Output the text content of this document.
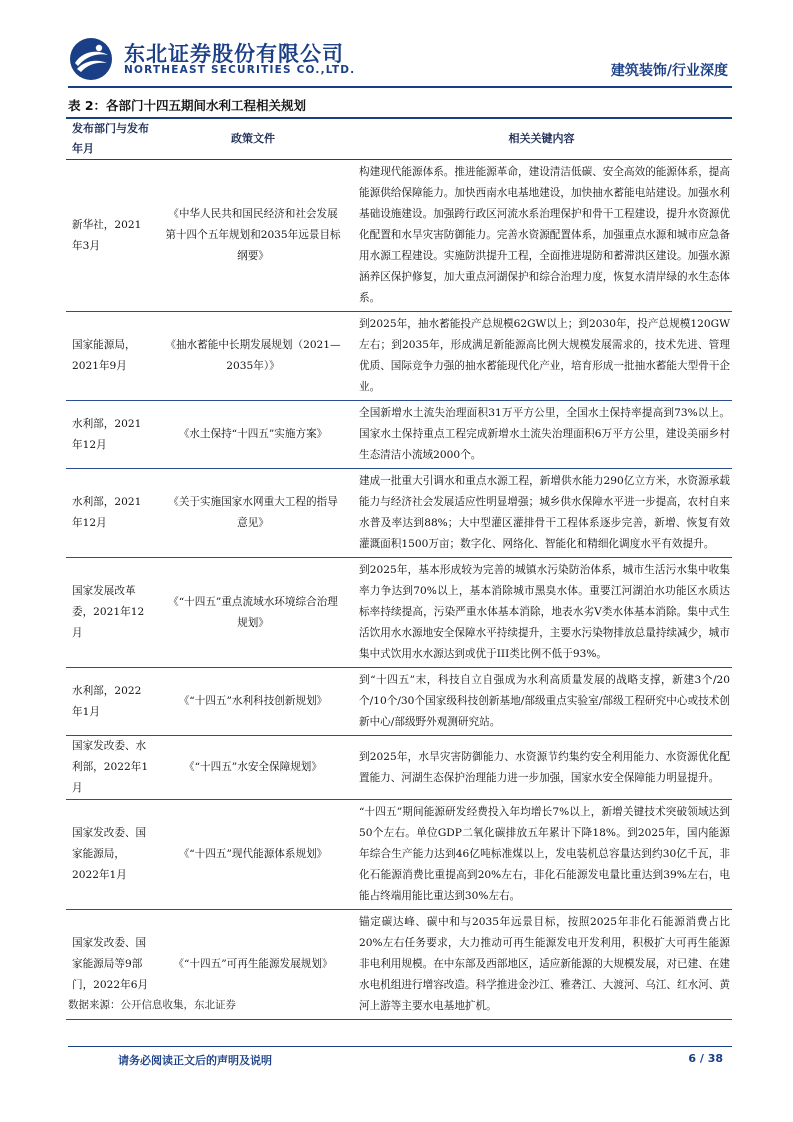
东北证券股份有限公司
NORTHEAST SECURITIES CO.,LTD.	建筑装饰/行业深度
表 2：各部门十四五期间水利工程相关规划
发布部门与发布年月	政策文件	相关关键内容
新华社，2021年3月	《中华人民共和国民经济和社会发展第十四个五年规划和2035年远景目标纲要》	构建现代能源体系。推进能源革命，建设清洁低碳、安全高效的能源体系，提高能源供给保障能力。加快西南水电基地建设，加快抽水蓄能电站建设。加强水利基础设施建设。加强跨行政区河流水系治理保护和骨干工程建设，提升水资源优化配置和水旱灾害防御能力。完善水资源配置体系，加强重点水源和城市应急备用水源工程建设。实施防洪提升工程，全面推进堤防和蓄滞洪区建设。加强水源涵养区保护修复，加大重点河湖保护和综合治理力度，恢复水清岸绿的水生态体系。
国家能源局，2021年9月	《抽水蓄能中长期发展规划（2021—2035年）》	到2025年，抽水蓄能投产总规模62GW以上；到2030年，投产总规模120GW左右；到2035年，形成满足新能源高比例大规模发展需求的，技术先进、管理优质、国际竞争力强的抽水蓄能现代化产业，培育形成一批抽水蓄能大型骨干企业。
水利部，2021年12月	《水土保持“十四五”实施方案》	全国新增水土流失治理面积31万平方公里，全国水土保持率提高到73%以上。国家水土保持重点工程完成新增水土流失治理面积6万平方公里，建设美丽乡村生态清洁小流域2000个。
水利部，2021年12月	《关于实施国家水网重大工程的指导意见》	建成一批重大引调水和重点水源工程，新增供水能力290亿立方米，水资源承载能力与经济社会发展适应性明显增强；城乡供水保障水平进一步提高，农村自来水普及率达到88%；大中型灌区灌排骨干工程体系逐步完善，新增、恢复有效灌溉面积1500万亩；数字化、网络化、智能化和精细化调度水平有效提升。
国家发展改革委，2021年12月	《“十四五”重点流域水环境综合治理规划》	到2025年，基本形成较为完善的城镇水污染防治体系，城市生活污水集中收集率力争达到70%以上，基本消除城市黑臭水体。重要江河湖泊水功能区水质达标率持续提高，污染严重水体基本消除，地表水劣V类水体基本消除。集中式生活饮用水水源地安全保障水平持续提升，主要水污染物排放总量持续减少，城市集中式饮用水水源达到或优于III类比例不低于93%。
水利部，2022年1月	《“十四五”水利科技创新规划》	到“十四五”末，科技自立自强成为水利高质量发展的战略支撑，新建3个/20个/10个/30个国家级科技创新基地/部级重点实验室/部级工程研究中心或技术创新中心/部级野外观测研究站。
国家发改委、水利部，2022年1月	《“十四五”水安全保障规划》	到2025年，水旱灾害防御能力、水资源节约集约安全利用能力、水资源优化配置能力、河湖生态保护治理能力进一步加强，国家水安全保障能力明显提升。
国家发改委、国家能源局，2022年1月	《“十四五”现代能源体系规划》	“十四五”期间能源研发经费投入年均增长7%以上，新增关键技术突破领域达到50个左右。单位GDP二氧化碳排放五年累计下降18%。到2025年，国内能源年综合生产能力达到46亿吨标准煤以上，发电装机总容量达到约30亿千瓦，非化石能源消费比重提高到20%左右，非化石能源发电量比重达到39%左右，电能占终端用能比重达到30%左右。
国家发改委、国家能源局等9部门，2022年6月	《“十四五”可再生能源发展规划》	锚定碳达峰、碳中和与2035年远景目标，按照2025年非化石能源消费占比20%左右任务要求，大力推动可再生能源发电开发利用，积极扩大可再生能源非电利用规模。在中东部及西部地区，适应新能源的大规模发展，对已建、在建水电机组进行增容改造。科学推进金沙江、雅砻江、大渡河、乌江、红水河、黄河上游等主要水电基地扩机。
数据来源：公开信息收集，东北证券
请务必阅读正文后的声明及说明	6 / 38
